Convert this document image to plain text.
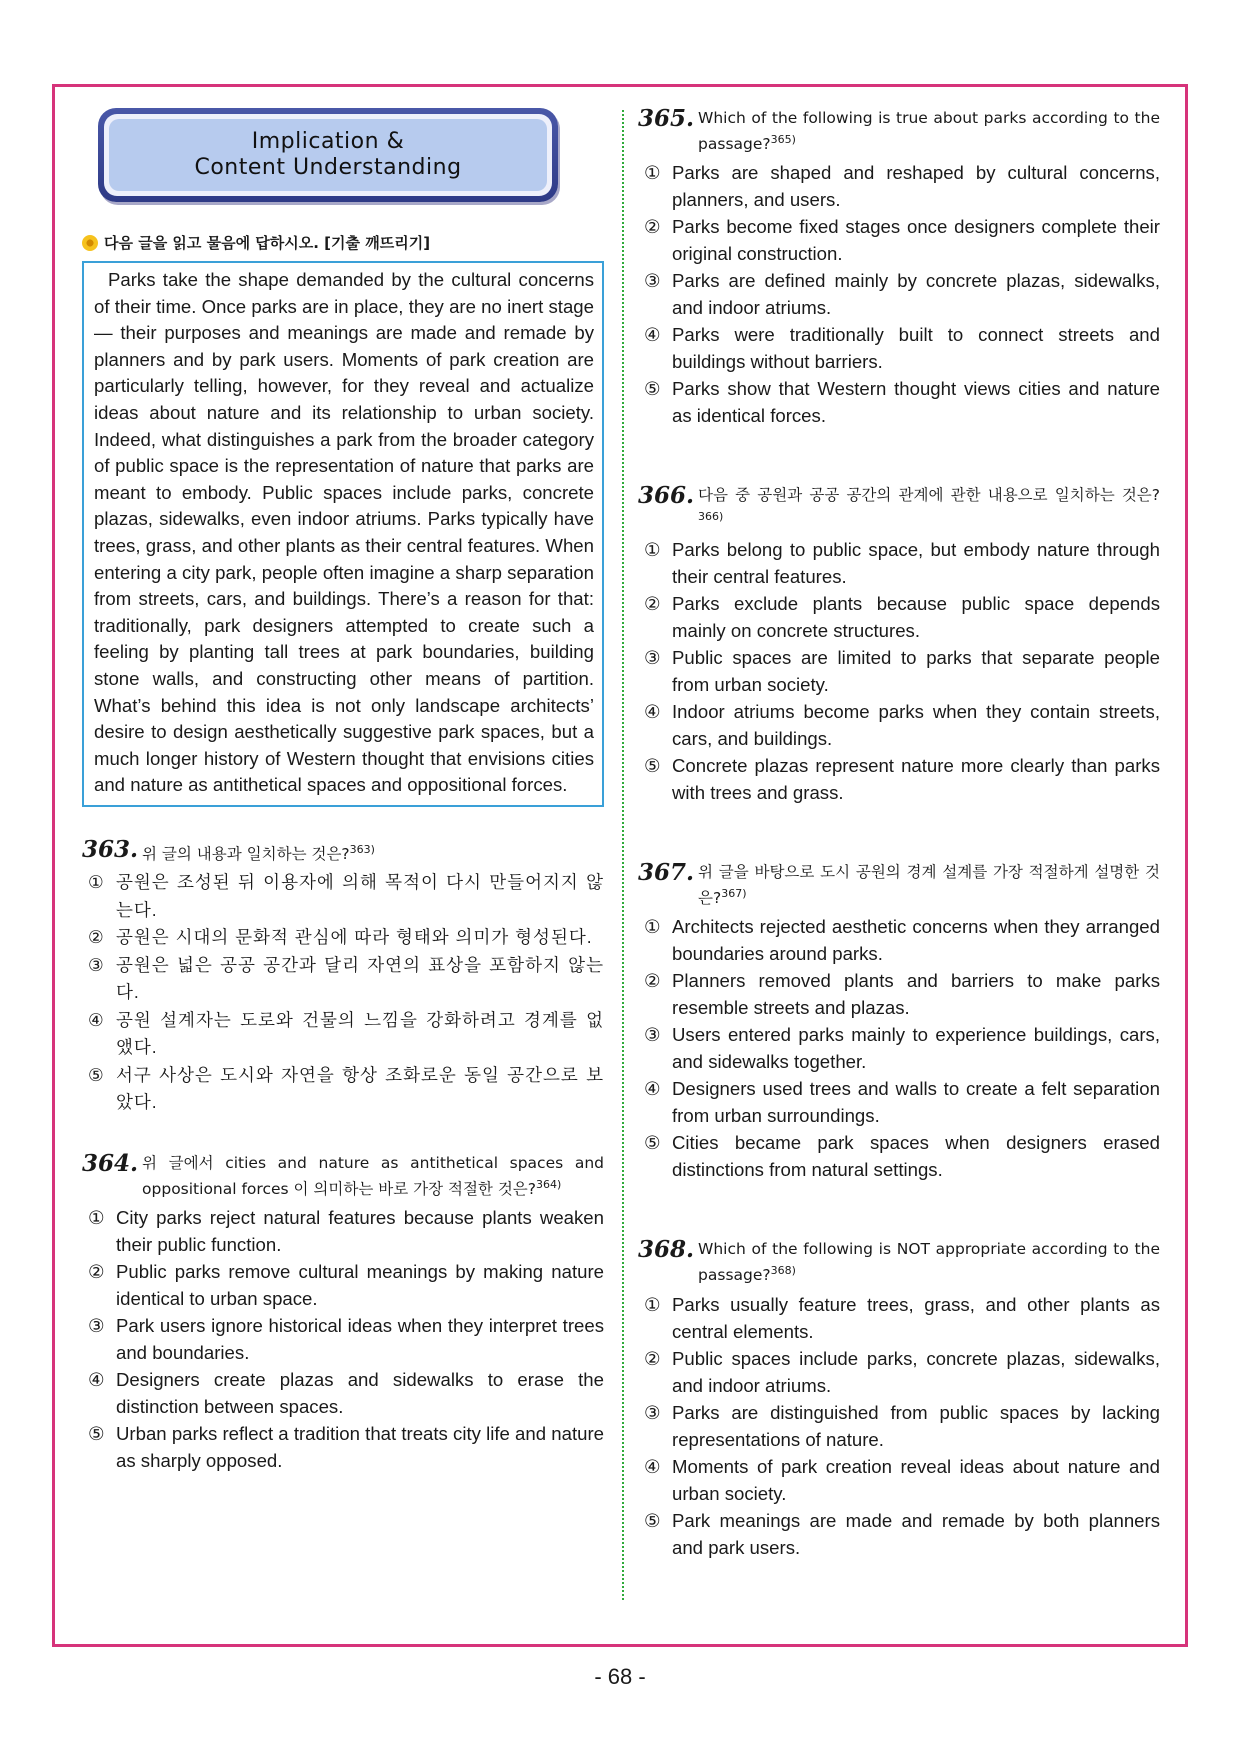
Implication &
Content Understanding
다음 글을 읽고 물음에 답하시오. [기출 깨뜨리기]
Parks take the shape demanded by the cultural concerns of their time. Once parks are in place, they are no inert stage — their purposes and meanings are made and remade by planners and by park users. Moments of park creation are particularly telling, however, for they reveal and actualize ideas about nature and its relationship to urban society. Indeed, what distinguishes a park from the broader category of public space is the representation of nature that parks are meant to embody. Public spaces include parks, concrete plazas, sidewalks, even indoor atriums. Parks typically have trees, grass, and other plants as their central features. When entering a city park, people often imagine a sharp separation from streets, cars, and buildings. There’s a reason for that: traditionally, park designers attempted to create such a feeling by planting tall trees at park boundaries, building stone walls, and constructing other means of partition. What’s behind this idea is not only landscape architects’ desire to design aesthetically suggestive park spaces, but a much longer history of Western thought that envisions cities and nature as antithetical spaces and oppositional forces.
363. 위 글의 내용과 일치하는 것은?$^{363)}$
① 공원은 조성된 뒤 이용자에 의해 목적이 다시 만들어지지 않는다.
② 공원은 시대의 문화적 관심에 따라 형태와 의미가 형성된다.
③ 공원은 넓은 공공 공간과 달리 자연의 표상을 포함하지 않는다.
④ 공원 설계자는 도로와 건물의 느낌을 강화하려고 경계를 없앴다.
⑤ 서구 사상은 도시와 자연을 항상 조화로운 동일 공간으로 보았다.
364. 위 글에서 cities and nature as antithetical spaces and oppositional forces 이 의미하는 바로 가장 적절한 것은?$^{364)}$
① City parks reject natural features because plants weaken their public function.
② Public parks remove cultural meanings by making nature identical to urban space.
③ Park users ignore historical ideas when they interpret trees and boundaries.
④ Designers create plazas and sidewalks to erase the distinction between spaces.
⑤ Urban parks reflect a tradition that treats city life and nature as sharply opposed.
365. Which of the following is true about parks according to the passage?$^{365)}$
① Parks are shaped and reshaped by cultural concerns, planners, and users.
② Parks become fixed stages once designers complete their original construction.
③ Parks are defined mainly by concrete plazas, sidewalks, and indoor atriums.
④ Parks were traditionally built to connect streets and buildings without barriers.
⑤ Parks show that Western thought views cities and nature as identical forces.
366. 다음 중 공원과 공공 공간의 관계에 관한 내용으로 일치하는 것은?$^{366)}$
① Parks belong to public space, but embody nature through their central features.
② Parks exclude plants because public space depends mainly on concrete structures.
③ Public spaces are limited to parks that separate people from urban society.
④ Indoor atriums become parks when they contain streets, cars, and buildings.
⑤ Concrete plazas represent nature more clearly than parks with trees and grass.
367. 위 글을 바탕으로 도시 공원의 경계 설계를 가장 적절하게 설명한 것은?$^{367)}$
① Architects rejected aesthetic concerns when they arranged boundaries around parks.
② Planners removed plants and barriers to make parks resemble streets and plazas.
③ Users entered parks mainly to experience buildings, cars, and sidewalks together.
④ Designers used trees and walls to create a felt separation from urban surroundings.
⑤ Cities became park spaces when designers erased distinctions from natural settings.
368. Which of the following is NOT appropriate according to the passage?$^{368)}$
① Parks usually feature trees, grass, and other plants as central elements.
② Public spaces include parks, concrete plazas, sidewalks, and indoor atriums.
③ Parks are distinguished from public spaces by lacking representations of nature.
④ Moments of park creation reveal ideas about nature and urban society.
⑤ Park meanings are made and remade by both planners and park users.
- 68 -
